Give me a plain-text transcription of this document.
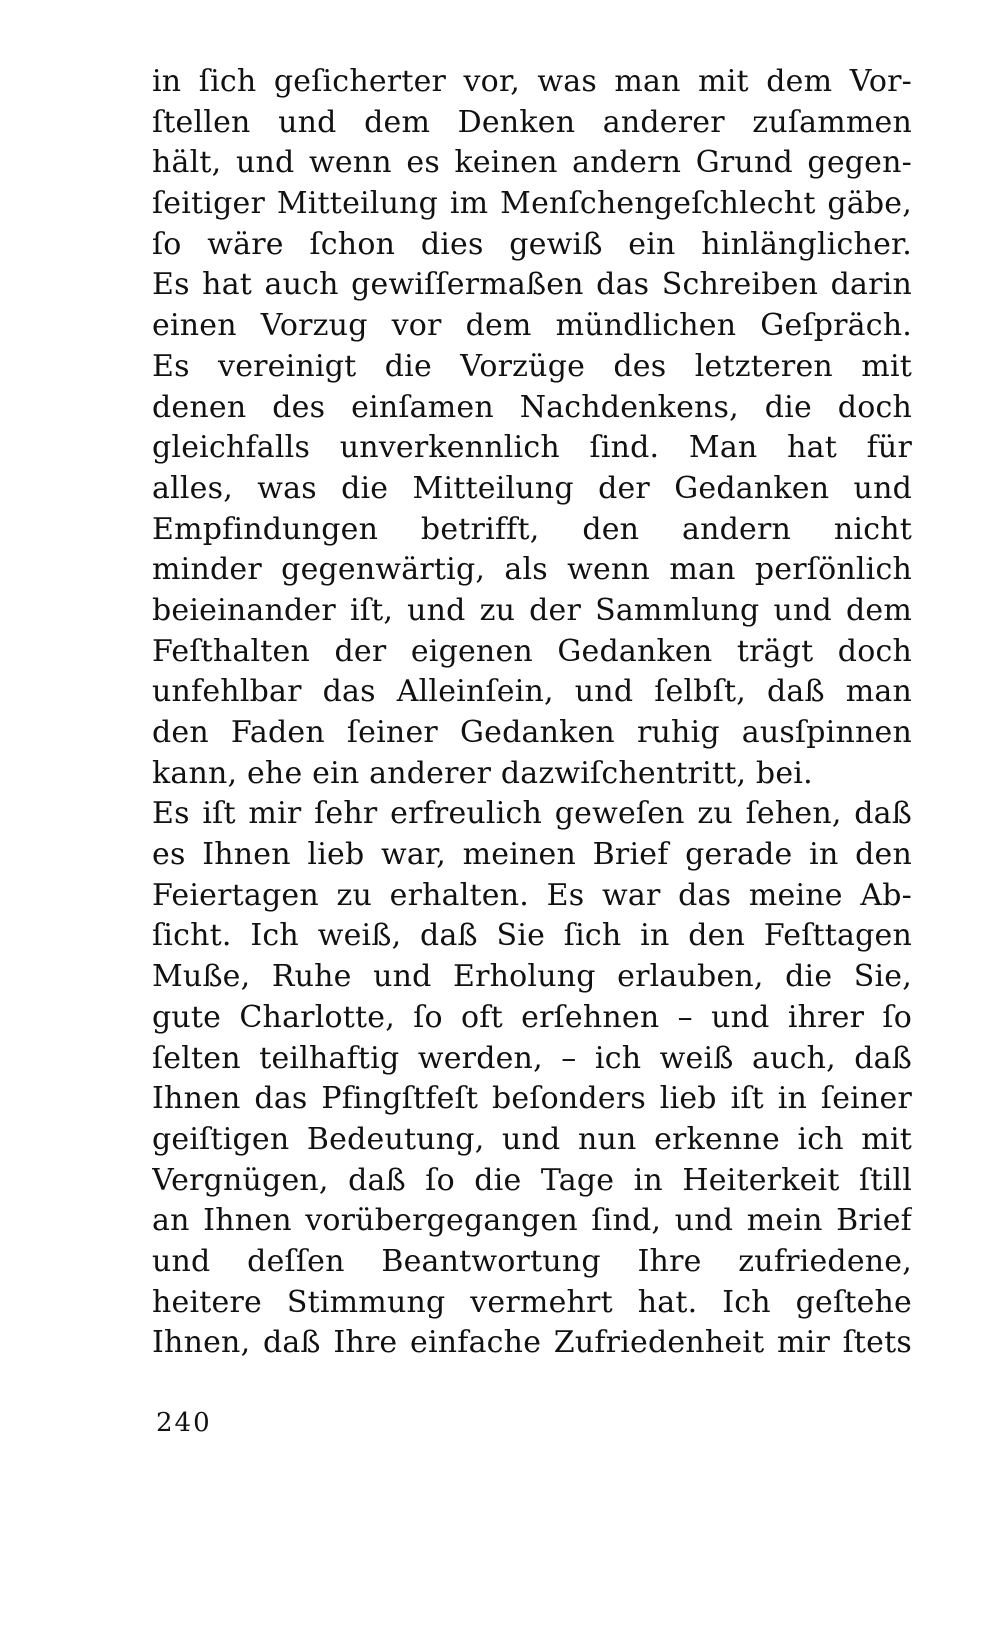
in ſich geſicherter vor, was man mit dem Vor-
ſtellen und dem Denken anderer zuſammen
hält, und wenn es keinen andern Grund gegen-
ſeitiger Mitteilung im Menſchengeſchlecht gäbe,
ſo wäre ſchon dies gewiß ein hinlänglicher.
Es hat auch gewiſſermaßen das Schreiben darin
einen Vorzug vor dem mündlichen Geſpräch.
Es vereinigt die Vorzüge des letzteren mit
denen des einſamen Nachdenkens, die doch
gleichfalls unverkennlich ſind. Man hat für
alles, was die Mitteilung der Gedanken und
Empfindungen betrifft, den andern nicht
minder gegenwärtig, als wenn man perſönlich
beieinander iſt, und zu der Sammlung und dem
Feſthalten der eigenen Gedanken trägt doch
unfehlbar das Alleinſein, und ſelbſt, daß man
den Faden ſeiner Gedanken ruhig ausſpinnen
kann, ehe ein anderer dazwiſchentritt, bei.
Es iſt mir ſehr erfreulich geweſen zu ſehen, daß
es Ihnen lieb war, meinen Brief gerade in den
Feiertagen zu erhalten. Es war das meine Ab-
ſicht. Ich weiß, daß Sie ſich in den Feſttagen
Muße, Ruhe und Erholung erlauben, die Sie,
gute Charlotte, ſo oft erſehnen – und ihrer ſo
ſelten teilhaftig werden, – ich weiß auch, daß
Ihnen das Pfingſtfeſt beſonders lieb iſt in ſeiner
geiſtigen Bedeutung, und nun erkenne ich mit
Vergnügen, daß ſo die Tage in Heiterkeit ſtill
an Ihnen vorübergegangen ſind, und mein Brief
und deſſen Beantwortung Ihre zufriedene,
heitere Stimmung vermehrt hat. Ich geſtehe
Ihnen, daß Ihre einfache Zufriedenheit mir ſtets
240
